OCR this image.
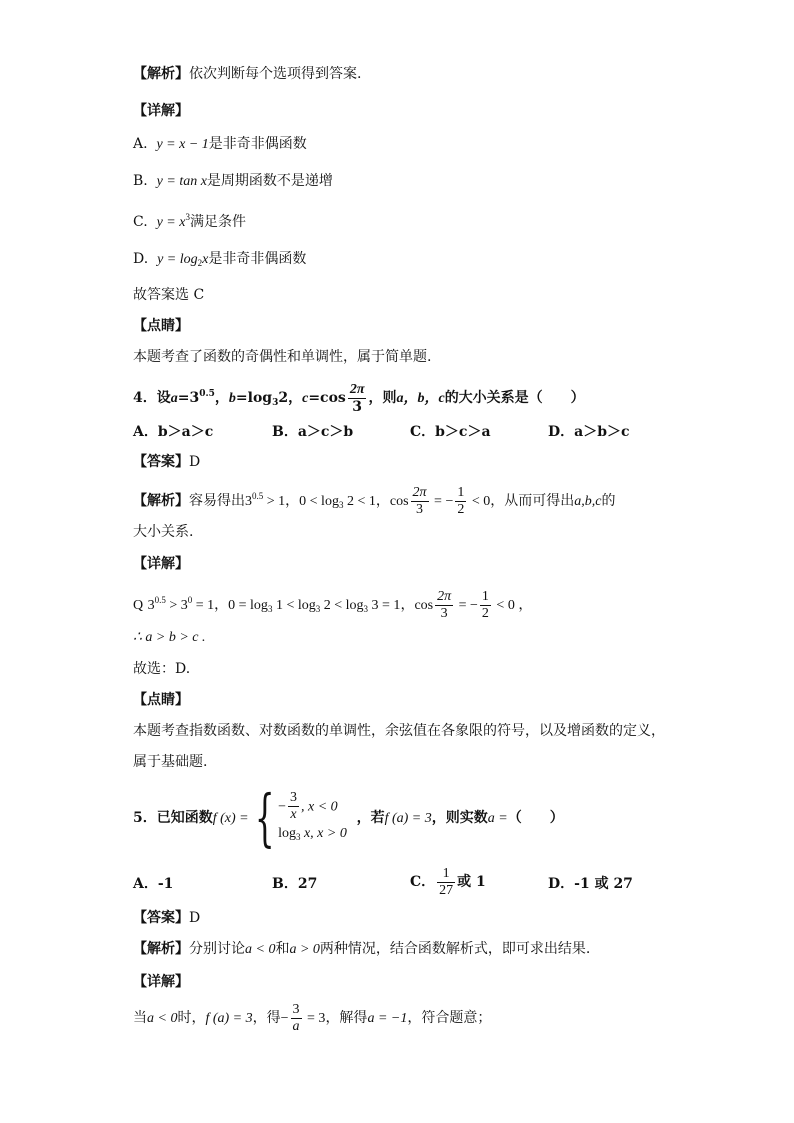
【解析】依次判断每个选项得到答案.
【详解】
A. y = x − 1是非奇非偶函数
B. y = tan x是周期函数不是递增
C. $y = x^3$满足条件
D. $y = \log_2x$是非奇非偶函数
故答案选 C
【点睛】
本题考查了函数的奇偶性和单调性，属于简单题.
4．设$a=3^{0.5}$，$b=\log_32$，$c=\cos \frac{2\pi}{3}$ ，则a，b，c的大小关系是（　　）
A．b＞a＞c	B．a＞c＞b	C．b＞c＞a	D．a＞b＞c
【答案】D
【解析】容易得出$3^{0.5} > 1$，$0 < \log_3 2 < 1$，$\cos \frac{2\pi}{3}$ = − $\frac{1}{2} < 0$，从而可得出a,b,c的
大小关系.
【详解】
Q $3^{0.5} > 3^0 = 1$，$0 = \log_3 1 < \log_3 2 < \log_3 3 = 1$，$\cos \frac{2\pi}{3}$ = − $\frac{1}{2} < 0$ ，
∴ a > b > c .
故选：D.
【点睛】
本题考查指数函数、对数函数的单调性，余弦值在各象限的符号，以及增函数的定义，
属于基础题.
5．已知函数f (x) ={ − $\frac{3}{x}$ , x < 0
$\log_3 x$, x > 0
，若f (a) = 3，则实数a =（　　）
A．-1	B．27	C． $\frac{1}{27}$ 或 1	D．-1 或 27
【答案】D
【解析】分别讨论a < 0和a > 0两种情况，结合函数解析式，即可求出结果.
【详解】
当a < 0时，f (a) = 3，得− $\frac{3}{a} = 3$，解得a = −1，符合题意；
